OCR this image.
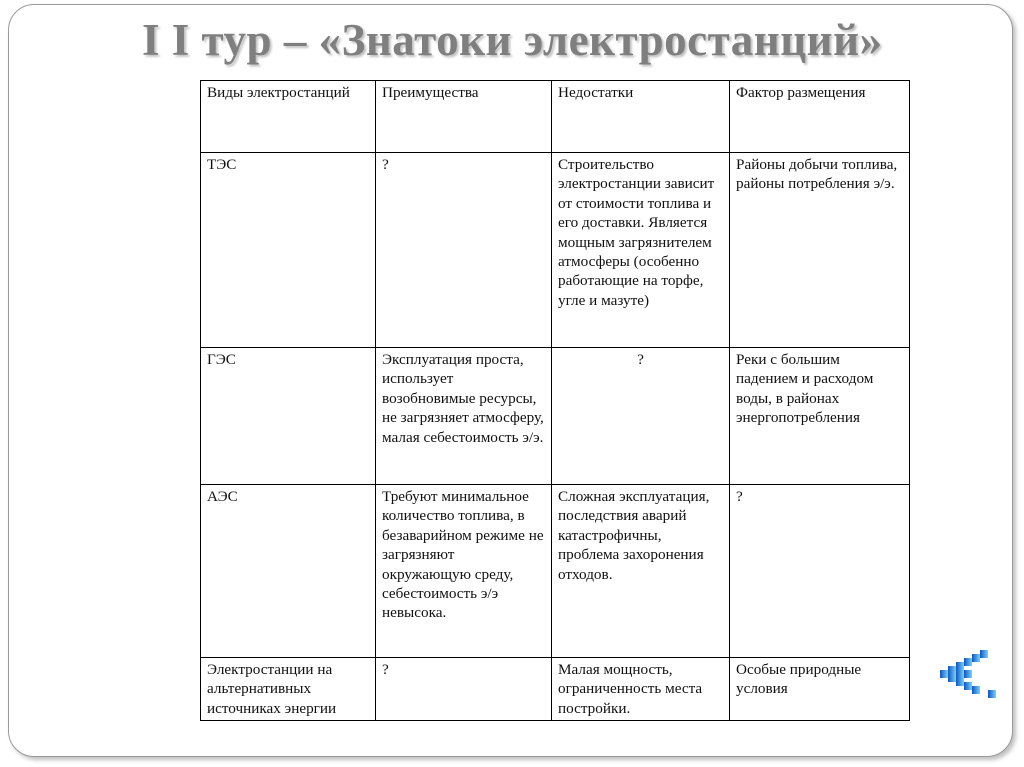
I I тур – «Знатоки электростанций»
Виды электростанций	Преимущества	Недостатки	Фактор размещения
ТЭС	?	Строительство электростанции зависит от стоимости топлива и его доставки. Является мощным загрязнителем атмосферы (особенно работающие на торфе, угле и мазуте)	Районы добычи топлива, районы потребления э/э.
ГЭС	Эксплуатация проста, использует возобновимые ресурсы, не загрязняет атмосферу, малая себестоимость э/э.	?	Реки с большим падением и расходом воды, в районах энергопотребления
АЭС	Требуют минимальное количество топлива, в безаварийном режиме не загрязняют окружающую среду, себестоимость э/э невысока.	Сложная эксплуатация, последствия аварий катастрофичны, проблема захоронения отходов.	?
Электростанции на альтернативных источниках энергии	?	Малая мощность, ограниченность места постройки.	Особые природные условия
